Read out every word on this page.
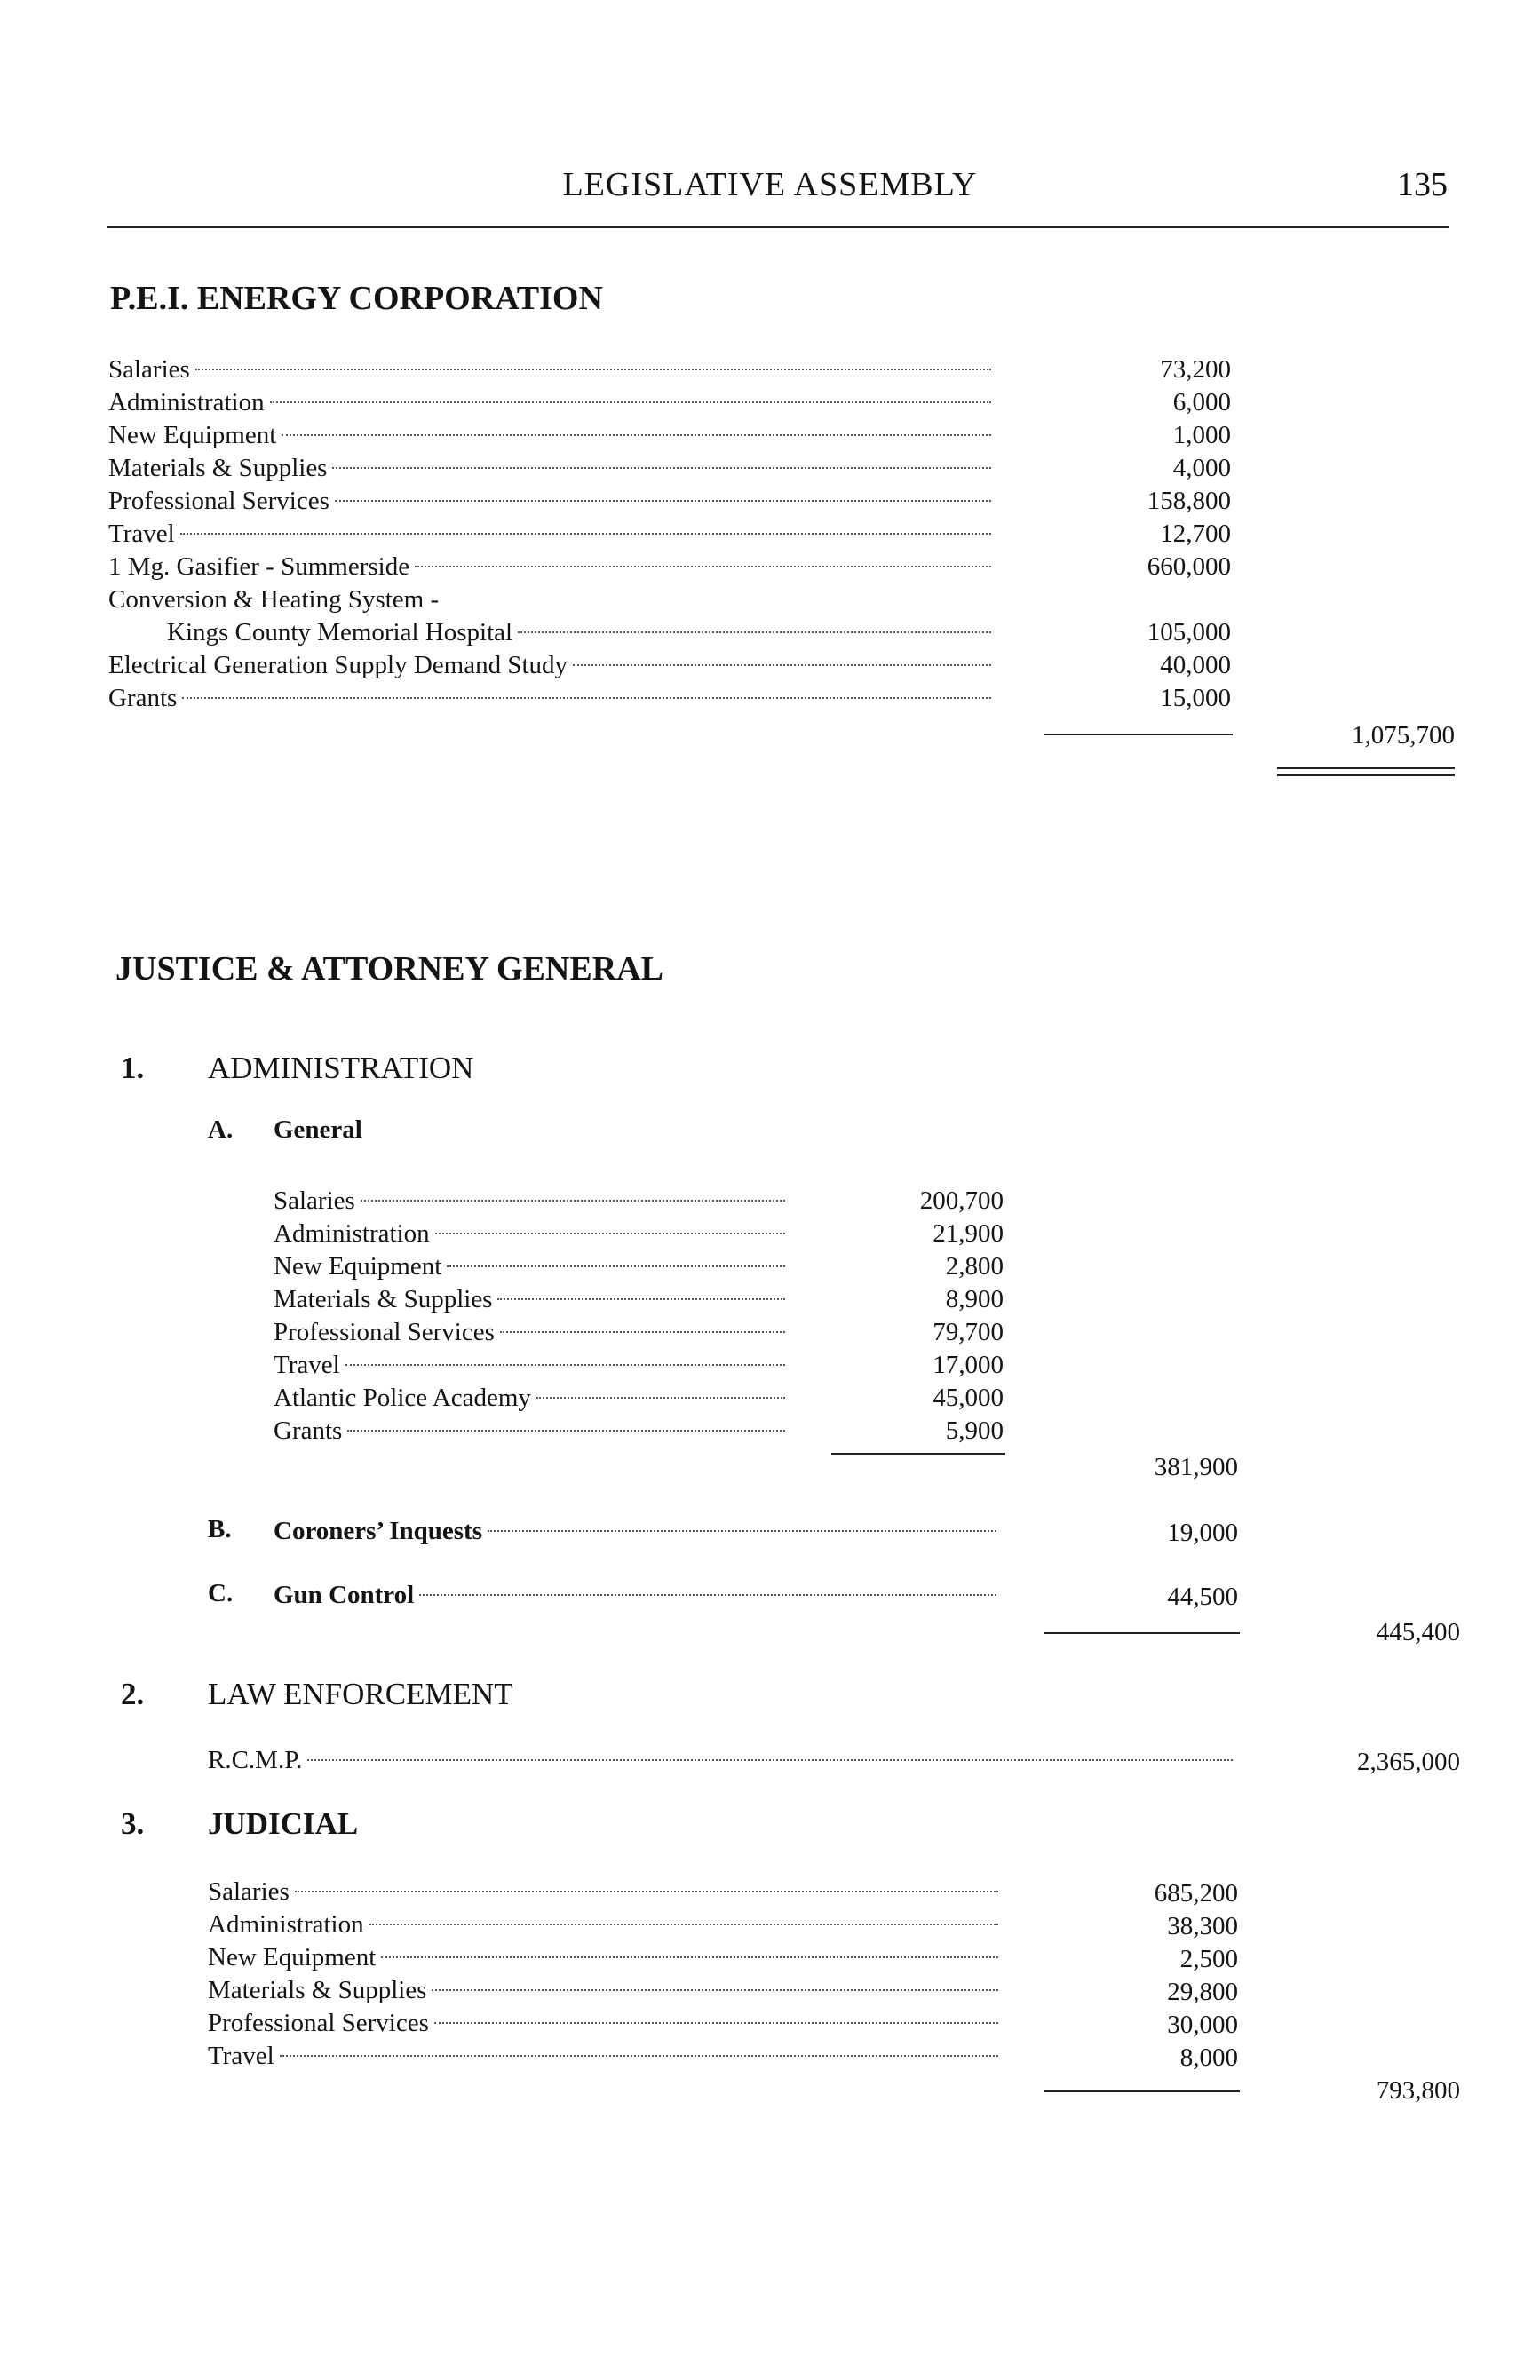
LEGISLATIVE ASSEMBLY	135
P.E.I. ENERGY CORPORATION
Salaries	73,200
Administration	6,000
New Equipment	1,000
Materials & Supplies	4,000
Professional Services	158,800
Travel	12,700
1 Mg. Gasifier - Summerside	660,000
Conversion & Heating System -
Kings County Memorial Hospital	105,000
Electrical Generation Supply Demand Study	40,000
Grants	15,000
1,075,700
JUSTICE & ATTORNEY GENERAL
1. ADMINISTRATION
A. General
Salaries	200,700
Administration	21,900
New Equipment	2,800
Materials & Supplies	8,900
Professional Services	79,700
Travel	17,000
Atlantic Police Academy	45,000
Grants	5,900
381,900
B. Coroners’ Inquests	19,000
C. Gun Control	44,500
445,400
2. LAW ENFORCEMENT
R.C.M.P.	2,365,000
3. JUDICIAL
Salaries	685,200
Administration	38,300
New Equipment	2,500
Materials & Supplies	29,800
Professional Services	30,000
Travel	8,000
793,800
